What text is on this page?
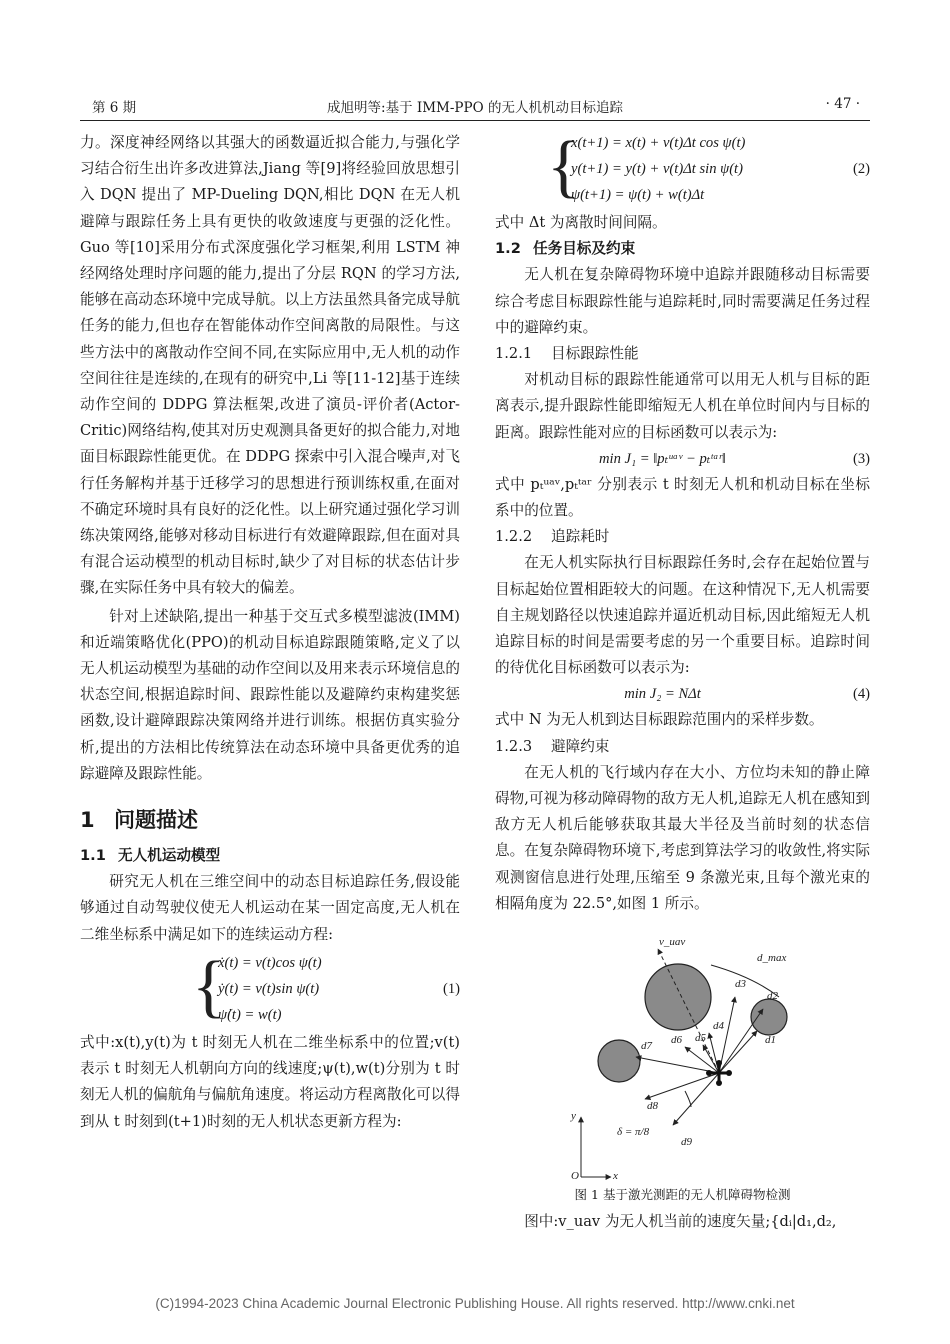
第 6 期	成旭明等:基于 IMM-PPO 的无人机机动目标追踪	· 47 ·

力。深度神经网络以其强大的函数逼近拟合能力,与强化学习结合衍生出许多改进算法,Jiang 等[9]将经验回放思想引入 DQN 提出了 MP-Dueling DQN,相比 DQN 在无人机避障与跟踪任务上具有更快的收敛速度与更强的泛化性。Guo 等[10]采用分布式深度强化学习框架,利用 LSTM 神经网络处理时序问题的能力,提出了分层 RQN 的学习方法,能够在高动态环境中完成导航。以上方法虽然具备完成导航任务的能力,但也存在智能体动作空间离散的局限性。与这些方法中的离散动作空间不同,在实际应用中,无人机的动作空间往往是连续的,在现有的研究中,Li 等[11-12]基于连续动作空间的 DDPG 算法框架,改进了演员-评价者(Actor-Critic)网络结构,使其对历史观测具备更好的拟合能力,对地面目标跟踪性能更优。在 DDPG 探索中引入混合噪声,对飞行任务解构并基于迁移学习的思想进行预训练权重,在面对不确定环境时具有良好的泛化性。以上研究通过强化学习训练决策网络,能够对移动目标进行有效避障跟踪,但在面对具有混合运动模型的机动目标时,缺少了对目标的状态估计步骤,在实际任务中具有较大的偏差。

针对上述缺陷,提出一种基于交互式多模型滤波(IMM)和近端策略优化(PPO)的机动目标追踪跟随策略,定义了以无人机运动模型为基础的动作空间以及用来表示环境信息的状态空间,根据追踪时间、跟踪性能以及避障约束构建奖惩函数,设计避障跟踪决策网络并进行训练。根据仿真实验分析,提出的方法相比传统算法在动态环境中具备更优秀的追踪避障及跟踪性能。

1 问题描述

1.1 无人机运动模型

研究无人机在三维空间中的动态目标追踪任务,假设能够通过自动驾驶仪使无人机运动在某一固定高度,无人机在二维坐标系中满足如下的连续运动方程:

{
ẋ(t) = v(t)cos ψ(t)
ẏ(t) = v(t)sin ψ(t)
ψ̇(t) = w(t)
(1)

式中:x(t),y(t)为 t 时刻无人机在二维坐标系中的位置;v(t)表示 t 时刻无人机朝向方向的线速度;ψ(t),w(t)分别为 t 时刻无人机的偏航角与偏航角速度。将运动方程离散化可以得到从 t 时刻到(t+1)时刻的无人机状态更新方程为:

{
x(t+1) = x(t) + v(t)Δt cos ψ(t)
y(t+1) = y(t) + v(t)Δt sin ψ(t)
ψ(t+1) = ψ(t) + w(t)Δt
(2)

式中 Δt 为离散时间间隔。

1.2 任务目标及约束

无人机在复杂障碍物环境中追踪并跟随移动目标需要综合考虑目标跟踪性能与追踪耗时,同时需要满足任务过程中的避障约束。

1.2.1 目标跟踪性能

对机动目标的跟踪性能通常可以用无人机与目标的距离表示,提升跟踪性能即缩短无人机在单位时间内与目标的距离。跟踪性能对应的目标函数可以表示为:

min J₁ = ‖pₜᵘᵃᵛ − pₜᵗᵃʳ‖	(3)

式中 pₜᵘᵃᵛ,pₜᵗᵃʳ 分别表示 t 时刻无人机和机动目标在坐标系中的位置。

1.2.2 追踪耗时

在无人机实际执行目标跟踪任务时,会存在起始位置与目标起始位置相距较大的问题。在这种情况下,无人机需要自主规划路径以快速追踪并逼近机动目标,因此缩短无人机追踪目标的时间是需要考虑的另一个重要目标。追踪时间的待优化目标函数可以表示为:

min J₂ = NΔt	(4)

式中 N 为无人机到达目标跟踪范围内的采样步数。

1.2.3 避障约束

在无人机的飞行域内存在大小、方位均未知的静止障碍物,可视为移动障碍物的敌方无人机,追踪无人机在感知到敌方无人机后能够获取其最大半径及当前时刻的状态信息。在复杂障碍物环境下,考虑到算法学习的收敛性,将实际观测窗信息进行处理,压缩至 9 条激光束,且每个激光束的相隔角度为 22.5°,如图 1 所示。

v_uav
d_max
d1
d2
d3
d4
d5
d6
d7
d8
d9
δ = π/8
y
x
O

图 1 基于激光测距的无人机障碍物检测

图中:v_uav 为无人机当前的速度矢量;{dᵢ|d₁,d₂,

(C)1994-2023 China Academic Journal Electronic Publishing House. All rights reserved. http://www.cnki.net
